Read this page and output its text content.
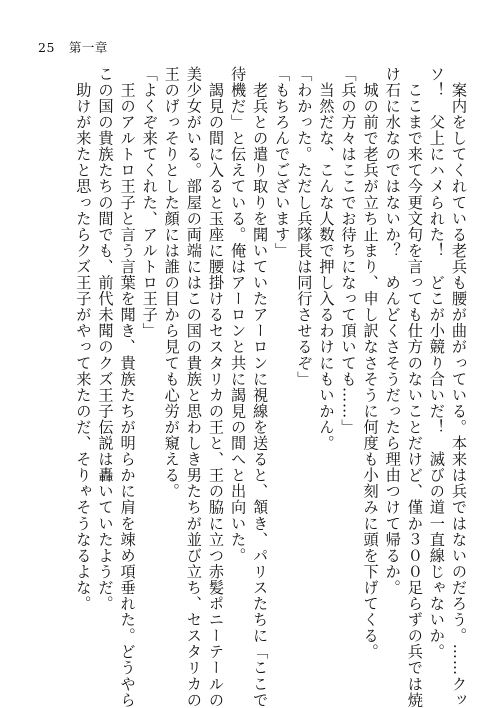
25 第一章
　案内をしてくれている老兵も腰が曲がっている。本来は兵ではないのだろう。……クッ
ソ！　父上にハメられた！　どこが小競り合いだ！　滅びの道一直線じゃないか。
　ここまで来て今更文句を言っても仕方のないことだけど、僅か３００足らずの兵では焼
け石に水なのではないか？　めんどくさそうだったら理由つけて帰るか。
　城の前で老兵が立ち止まり、申し訳なさそうに何度も小刻みに頭を下げてくる。
「兵の方々はここでお待ちになって頂いても……」
　当然だな、こんな人数で押し入るわけにもいかん。
「わかった。ただし兵隊長は同行させるぞ」
「もちろんでございます」
　老兵との遣り取りを聞いていたアーロンに視線を送ると、頷き、パリスたちに「ここで
待機だ」と伝えている。俺はアーロンと共に謁見の間へと出向いた。
　謁見の間に入ると玉座に腰掛けるセスタリカの王と、王の脇に立つ赤髪ポニーテールの
美少女がいる。部屋の両端にはこの国の貴族と思わしき男たちが並び立ち、セスタリカの
王のげっそりとした顔には誰の目から見ても心労が窺える。
「よくぞ来てくれた、アルトロ王子」
　王のアルトロ王子と言う言葉を聞き、貴族たちが明らかに肩を竦め項垂れた。どうやら
この国の貴族たちの間でも、前代未聞のクズ王子伝説は轟いていたようだ。
　助けが来たと思ったらクズ王子がやって来たのだ、そりゃそうなるよな。
